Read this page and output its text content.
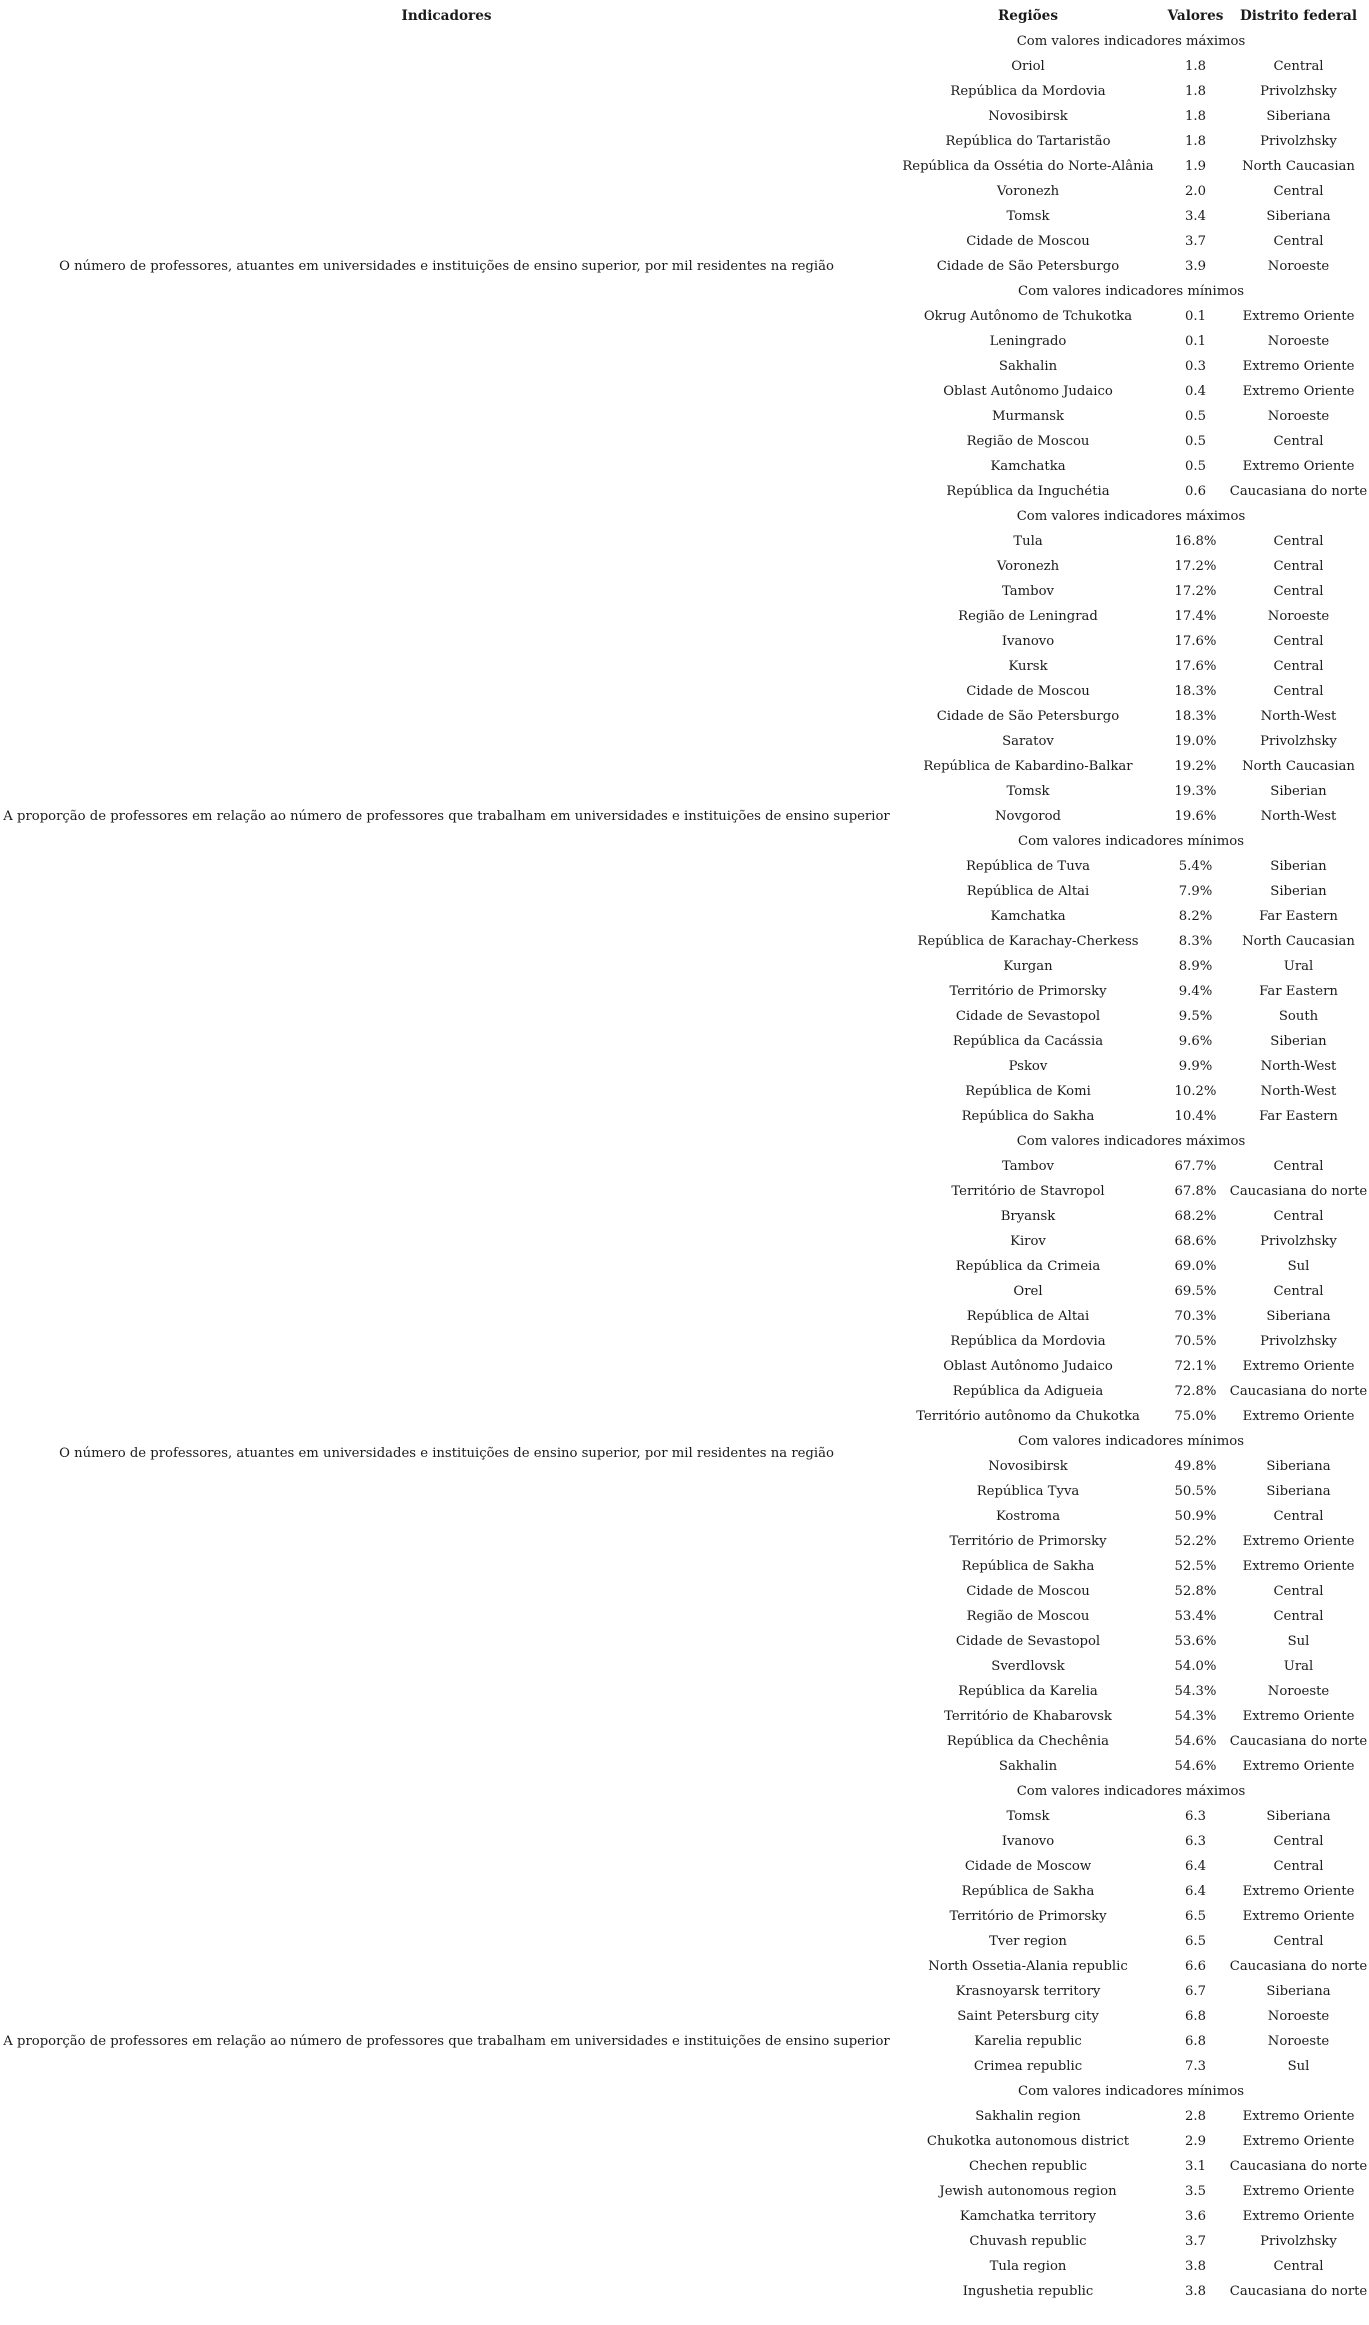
Indicadores	Regiões	Valores	Distrito federal
O número de professores, atuantes em universidades e instituições de ensino superior, por mil residentes na região	Com valores indicadores máximos		
	Oriol	1.8	Central
	República da Mordovia	1.8	Privolzhsky
	Novosibirsk	1.8	Siberiana
	República do Tartaristão	1.8	Privolzhsky
	República da Ossétia do Norte-Alânia	1.9	North Caucasian
	Voronezh	2.0	Central
	Tomsk	3.4	Siberiana
	Cidade de Moscou	3.7	Central
	Cidade de São Petersburgo	3.9	Noroeste
	Com valores indicadores mínimos		
	Okrug Autônomo de Tchukotka	0.1	Extremo Oriente
	Leningrado	0.1	Noroeste
	Sakhalin	0.3	Extremo Oriente
	Oblast Autônomo Judaico	0.4	Extremo Oriente
	Murmansk	0.5	Noroeste
	Região de Moscou	0.5	Central
	Kamchatka	0.5	Extremo Oriente
	República da Inguchétia	0.6	Caucasiana do norte
A proporção de professores em relação ao número de professores que trabalham em universidades e instituições de ensino superior	Com valores indicadores máximos		
	Tula	16.8%	Central
	Voronezh	17.2%	Central
	Tambov	17.2%	Central
	Região de Leningrad	17.4%	Noroeste
	Ivanovo	17.6%	Central
	Kursk	17.6%	Central
	Cidade de Moscou	18.3%	Central
	Cidade de São Petersburgo	18.3%	North-West
	Saratov	19.0%	Privolzhsky
	República de Kabardino-Balkar	19.2%	North Caucasian
	Tomsk	19.3%	Siberian
	Novgorod	19.6%	North-West
	Com valores indicadores mínimos		
	República de Tuva	5.4%	Siberian
	República de Altai	7.9%	Siberian
	Kamchatka	8.2%	Far Eastern
	República de Karachay-Cherkess	8.3%	North Caucasian
	Kurgan	8.9%	Ural
	Território de Primorsky	9.4%	Far Eastern
	Cidade de Sevastopol	9.5%	South
	República da Cacássia	9.6%	Siberian
	Pskov	9.9%	North-West
	República de Komi	10.2%	North-West
	República do Sakha	10.4%	Far Eastern
O número de professores, atuantes em universidades e instituições de ensino superior, por mil residentes na região	Com valores indicadores máximos		
	Tambov	67.7%	Central
	Território de Stavropol	67.8%	Caucasiana do norte
	Bryansk	68.2%	Central
	Kirov	68.6%	Privolzhsky
	República da Crimeia	69.0%	Sul
	Orel	69.5%	Central
	República de Altai	70.3%	Siberiana
	República da Mordovia	70.5%	Privolzhsky
	Oblast Autônomo Judaico	72.1%	Extremo Oriente
	República da Adigueia	72.8%	Caucasiana do norte
	Território autônomo da Chukotka	75.0%	Extremo Oriente
	Com valores indicadores mínimos		
	Novosibirsk	49.8%	Siberiana
	República Tyva	50.5%	Siberiana
	Kostroma	50.9%	Central
	Território de Primorsky	52.2%	Extremo Oriente
	República de Sakha	52.5%	Extremo Oriente
	Cidade de Moscou	52.8%	Central
	Região de Moscou	53.4%	Central
	Cidade de Sevastopol	53.6%	Sul
	Sverdlovsk	54.0%	Ural
	República da Karelia	54.3%	Noroeste
	Território de Khabarovsk	54.3%	Extremo Oriente
	República da Chechênia	54.6%	Caucasiana do norte
	Sakhalin	54.6%	Extremo Oriente
A proporção de professores em relação ao número de professores que trabalham em universidades e instituições de ensino superior	Com valores indicadores máximos		
	Tomsk	6.3	Siberiana
	Ivanovo	6.3	Central
	Cidade de Moscow	6.4	Central
	República de Sakha	6.4	Extremo Oriente
	Território de Primorsky	6.5	Extremo Oriente
	Tver region	6.5	Central
	North Ossetia-Alania republic	6.6	Caucasiana do norte
	Krasnoyarsk territory	6.7	Siberiana
	Saint Petersburg city	6.8	Noroeste
	Karelia republic	6.8	Noroeste
	Crimea republic	7.3	Sul
	Com valores indicadores mínimos		
	Sakhalin region	2.8	Extremo Oriente
	Chukotka autonomous district	2.9	Extremo Oriente
	Chechen republic	3.1	Caucasiana do norte
	Jewish autonomous region	3.5	Extremo Oriente
	Kamchatka territory	3.6	Extremo Oriente
	Chuvash republic	3.7	Privolzhsky
	Tula region	3.8	Central
	Ingushetia republic	3.8	Caucasiana do norte
